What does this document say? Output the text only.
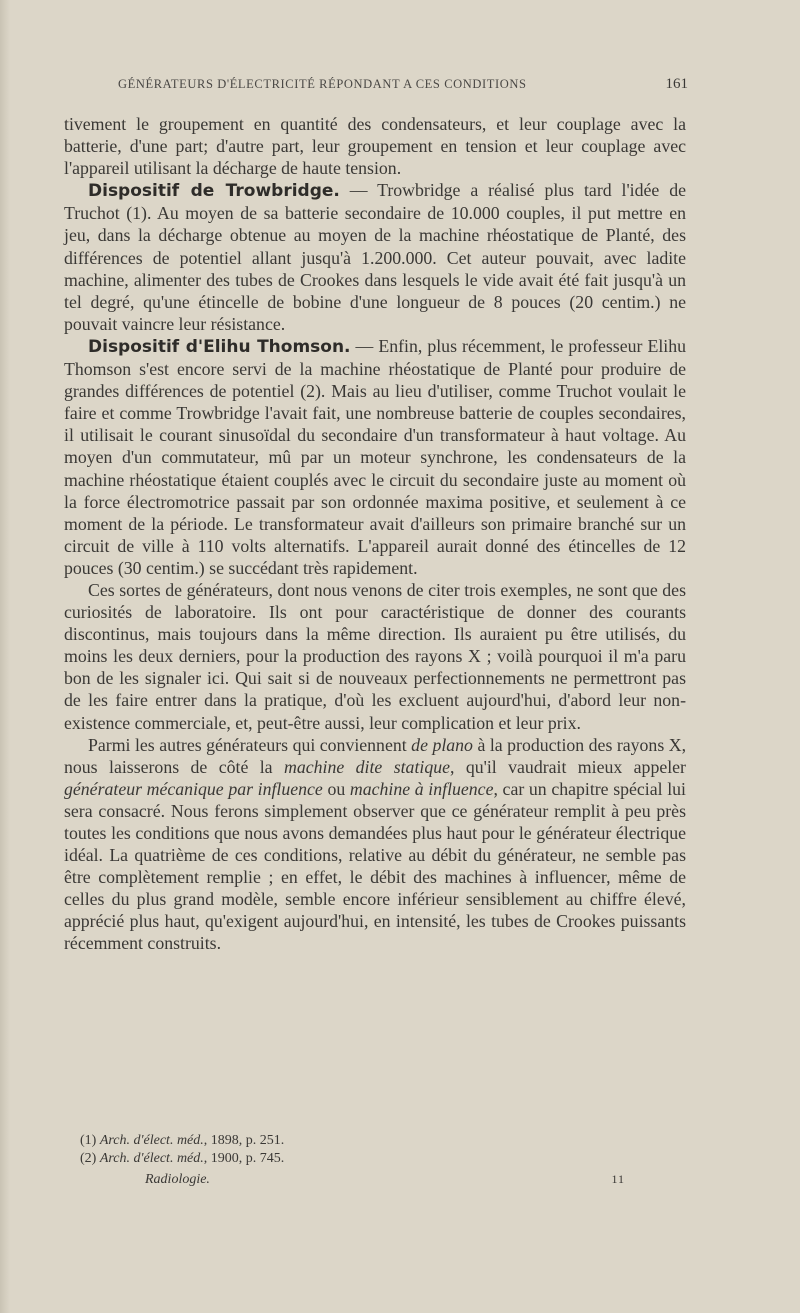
GÉNÉRATEURS D'ÉLECTRICITÉ RÉPONDANT A CES CONDITIONS	161

tivement le groupement en quantité des condensateurs, et leur couplage avec la batterie, d'une part; d'autre part, leur groupement en tension et leur couplage avec l'appareil utilisant la décharge de haute tension.

Dispositif de Trowbridge. — Trowbridge a réalisé plus tard l'idée de Truchot (1). Au moyen de sa batterie secondaire de 10.000 couples, il put mettre en jeu, dans la décharge obtenue au moyen de la machine rhéostatique de Planté, des différences de potentiel allant jusqu'à 1.200.000. Cet auteur pouvait, avec ladite machine, alimenter des tubes de Crookes dans lesquels le vide avait été fait jusqu'à un tel degré, qu'une étincelle de bobine d'une longueur de 8 pouces (20 centim.) ne pouvait vaincre leur résistance.

Dispositif d'Elihu Thomson. — Enfin, plus récemment, le professeur Elihu Thomson s'est encore servi de la machine rhéostatique de Planté pour produire de grandes différences de potentiel (2). Mais au lieu d'utiliser, comme Truchot voulait le faire et comme Trowbridge l'avait fait, une nombreuse batterie de couples secondaires, il utilisait le courant sinusoïdal du secondaire d'un transformateur à haut voltage. Au moyen d'un commutateur, mû par un moteur synchrone, les condensateurs de la machine rhéostatique étaient couplés avec le circuit du secondaire juste au moment où la force électromotrice passait par son ordonnée maxima positive, et seulement à ce moment de la période. Le transformateur avait d'ailleurs son primaire branché sur un circuit de ville à 110 volts alternatifs. L'appareil aurait donné des étincelles de 12 pouces (30 centim.) se succédant très rapidement.

Ces sortes de générateurs, dont nous venons de citer trois exemples, ne sont que des curiosités de laboratoire. Ils ont pour caractéristique de donner des courants discontinus, mais toujours dans la même direction. Ils auraient pu être utilisés, du moins les deux derniers, pour la production des rayons X ; voilà pourquoi il m'a paru bon de les signaler ici. Qui sait si de nouveaux perfectionnements ne permettront pas de les faire entrer dans la pratique, d'où les excluent aujourd'hui, d'abord leur non-existence commerciale, et, peut-être aussi, leur complication et leur prix.

Parmi les autres générateurs qui conviennent de plano à la production des rayons X, nous laisserons de côté la machine dite statique, qu'il vaudrait mieux appeler générateur mécanique par influence ou machine à influence, car un chapitre spécial lui sera consacré. Nous ferons simplement observer que ce générateur remplit à peu près toutes les conditions que nous avons demandées plus haut pour le générateur électrique idéal. La quatrième de ces conditions, relative au débit du générateur, ne semble pas être complètement remplie ; en effet, le débit des machines à influencer, même de celles du plus grand modèle, semble encore inférieur sensiblement au chiffre élevé, apprécié plus haut, qu'exigent aujourd'hui, en intensité, les tubes de Crookes puissants récemment construits.

(1) Arch. d'élect. méd., 1898, p. 251.

(2) Arch. d'élect. méd., 1900, p. 745.

Radiologie.	11
